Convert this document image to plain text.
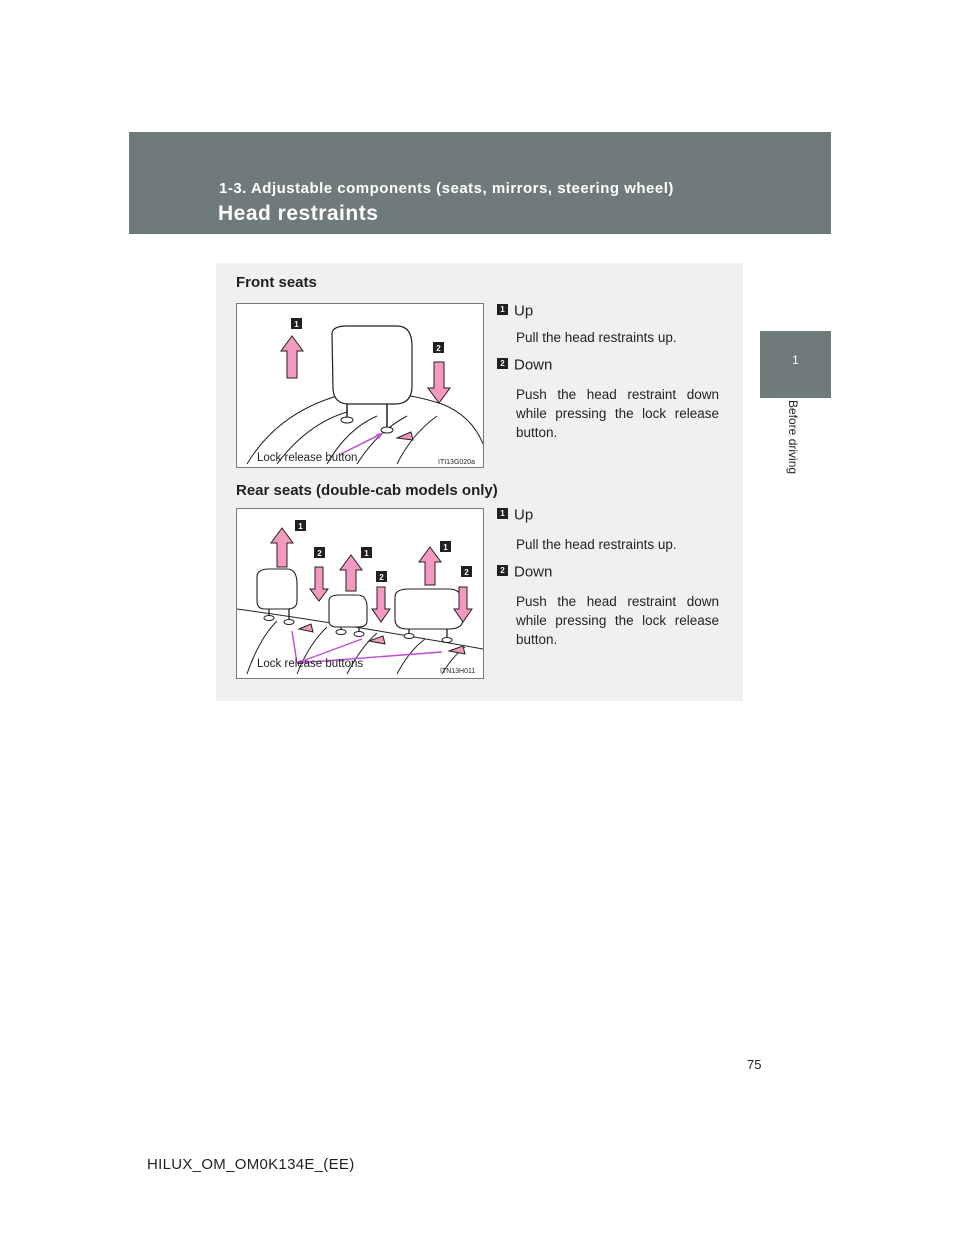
1-3. Adjustable components (seats, mirrors, steering wheel)
Head restraints
1
Before driving
Front seats
1
2
Lock release button	ITI13G020a
1 Up
Pull the head restraints up.
2 Down
Push the head restraint down while pressing the lock release button.
Rear seats (double-cab models only)
1
2	1
2
1
2
Lock release buttons
ITN13H011
1 Up
Pull the head restraints up.
2 Down
Push the head restraint down while pressing the lock release button.
75
HILUX_OM_OM0K134E_(EE)
